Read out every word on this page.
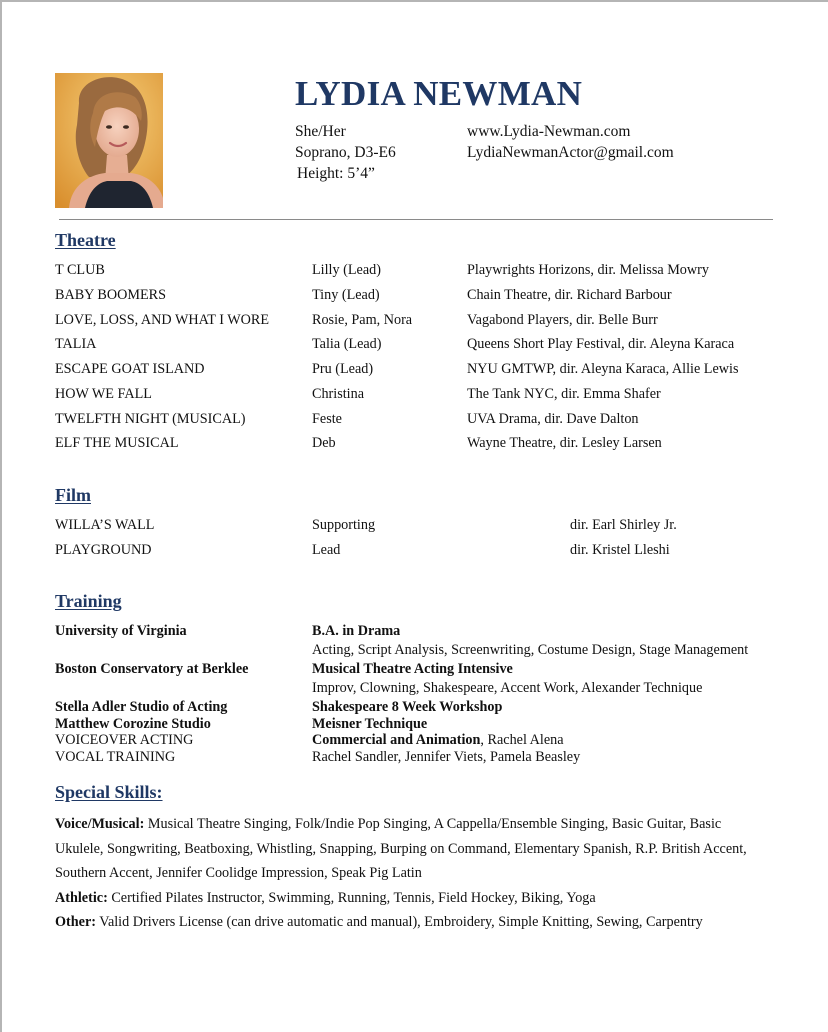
LYDIA NEWMAN
She/Her
Soprano, D3-E6
Height: 5’4”
www.Lydia-Newman.com
LydiaNewmanActor@gmail.com
Theatre
T CLUB	Lilly (Lead)	Playwrights Horizons, dir. Melissa Mowry
BABY BOOMERS	Tiny (Lead)	Chain Theatre, dir. Richard Barbour
LOVE, LOSS, AND WHAT I WORE	Rosie, Pam, Nora	Vagabond Players, dir. Belle Burr
TALIA	Talia (Lead)	Queens Short Play Festival, dir. Aleyna Karaca
ESCAPE GOAT ISLAND	Pru (Lead)	NYU GMTWP, dir. Aleyna Karaca, Allie Lewis
HOW WE FALL	Christina	The Tank NYC, dir. Emma Shafer
TWELFTH NIGHT (MUSICAL)	Feste	UVA Drama, dir. Dave Dalton
ELF THE MUSICAL	Deb	Wayne Theatre, dir. Lesley Larsen
Film
WILLA’S WALL	Supporting	dir. Earl Shirley Jr.
PLAYGROUND	Lead	dir. Kristel Lleshi
Training
University of Virginia	B.A. in Drama
Acting, Script Analysis, Screenwriting, Costume Design, Stage Management
Boston Conservatory at Berklee	Musical Theatre Acting Intensive
Improv, Clowning, Shakespeare, Accent Work, Alexander Technique
Stella Adler Studio of Acting	Shakespeare 8 Week Workshop
Matthew Corozine Studio	Meisner Technique
VOICEOVER ACTING	Commercial and Animation, Rachel Alena
VOCAL TRAINING	Rachel Sandler, Jennifer Viets, Pamela Beasley
Special Skills:

Voice/Musical: Musical Theatre Singing, Folk/Indie Pop Singing, A Cappella/Ensemble Singing, Basic Guitar, Basic Ukulele, Songwriting, Beatboxing, Whistling, Snapping, Burping on Command, Elementary Spanish, R.P. British Accent, Southern Accent, Jennifer Coolidge Impression, Speak Pig Latin

Athletic: Certified Pilates Instructor, Swimming, Running, Tennis, Field Hockey, Biking, Yoga

Other: Valid Drivers License (can drive automatic and manual), Embroidery, Simple Knitting, Sewing, Carpentry
